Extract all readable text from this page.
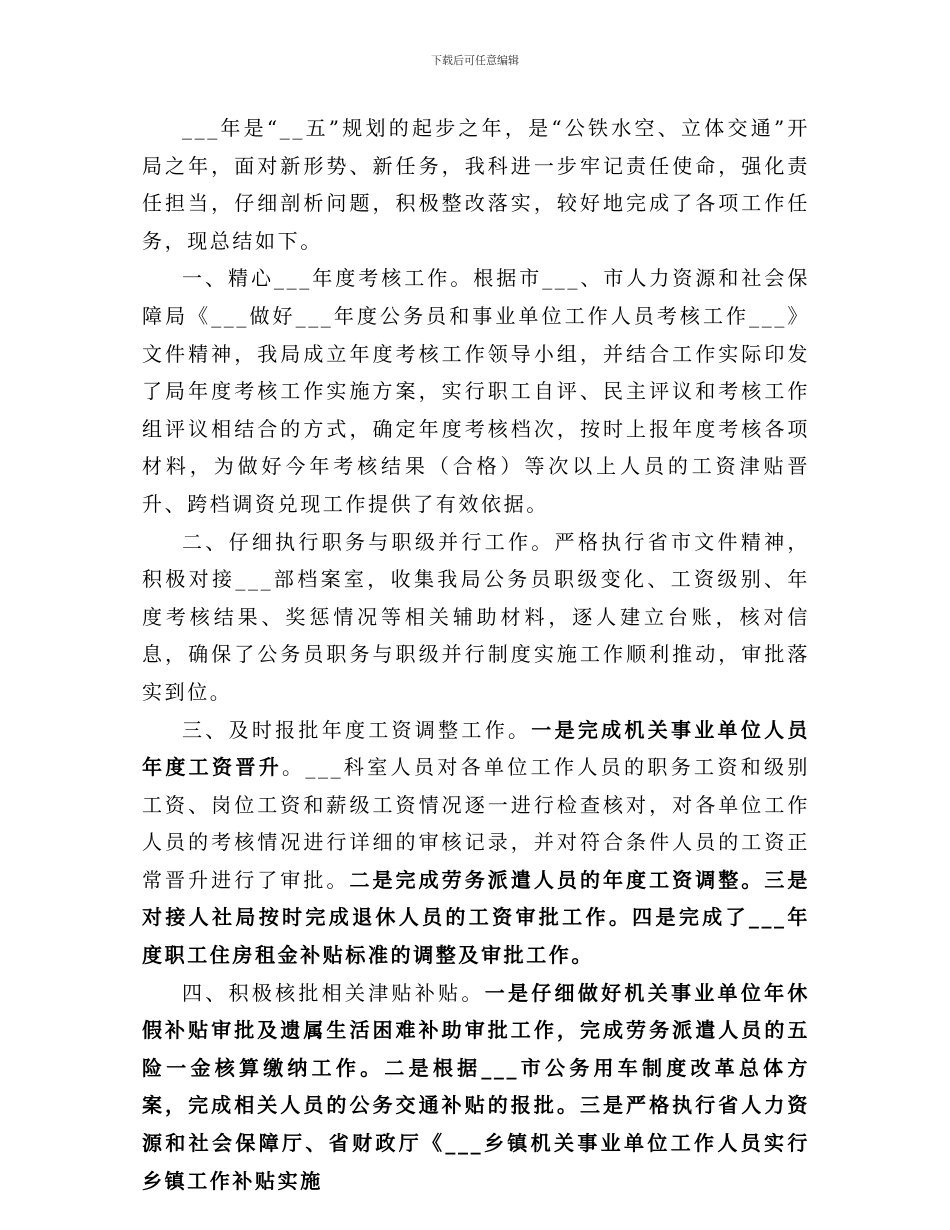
下载后可任意编辑

___年是“__五”规划的起步之年，是“公铁水空、立体交通”开局之年，面对新形势、新任务，我科进一步牢记责任使命，强化责任担当，仔细剖析问题，积极整改落实，较好地完成了各项工作任务，现总结如下。

一、精心___年度考核工作。根据市___、市人力资源和社会保障局《___做好___年度公务员和事业单位工作人员考核工作___》文件精神，我局成立年度考核工作领导小组，并结合工作实际印发了局年度考核工作实施方案，实行职工自评、民主评议和考核工作组评议相结合的方式，确定年度考核档次，按时上报年度考核各项材料，为做好今年考核结果（合格）等次以上人员的工资津贴晋升、跨档调资兑现工作提供了有效依据。

二、仔细执行职务与职级并行工作。严格执行省市文件精神，积极对接___部档案室，收集我局公务员职级变化、工资级别、年度考核结果、奖惩情况等相关辅助材料，逐人建立台账，核对信息，确保了公务员职务与职级并行制度实施工作顺利推动，审批落实到位。

三、及时报批年度工资调整工作。一是完成机关事业单位人员年度工资晋升。___科室人员对各单位工作人员的职务工资和级别工资、岗位工资和薪级工资情况逐一进行检查核对，对各单位工作人员的考核情况进行详细的审核记录，并对符合条件人员的工资正常晋升进行了审批。二是完成劳务派遣人员的年度工资调整。三是对接人社局按时完成退休人员的工资审批工作。四是完成了___年度职工住房租金补贴标准的调整及审批工作。

四、积极核批相关津贴补贴。一是仔细做好机关事业单位年休假补贴审批及遗属生活困难补助审批工作，完成劳务派遣人员的五险一金核算缴纳工作。二是根据___市公务用车制度改革总体方案，完成相关人员的公务交通补贴的报批。三是严格执行省人力资源和社会保障厅、省财政厅《___乡镇机关事业单位工作人员实行乡镇工作补贴实施
